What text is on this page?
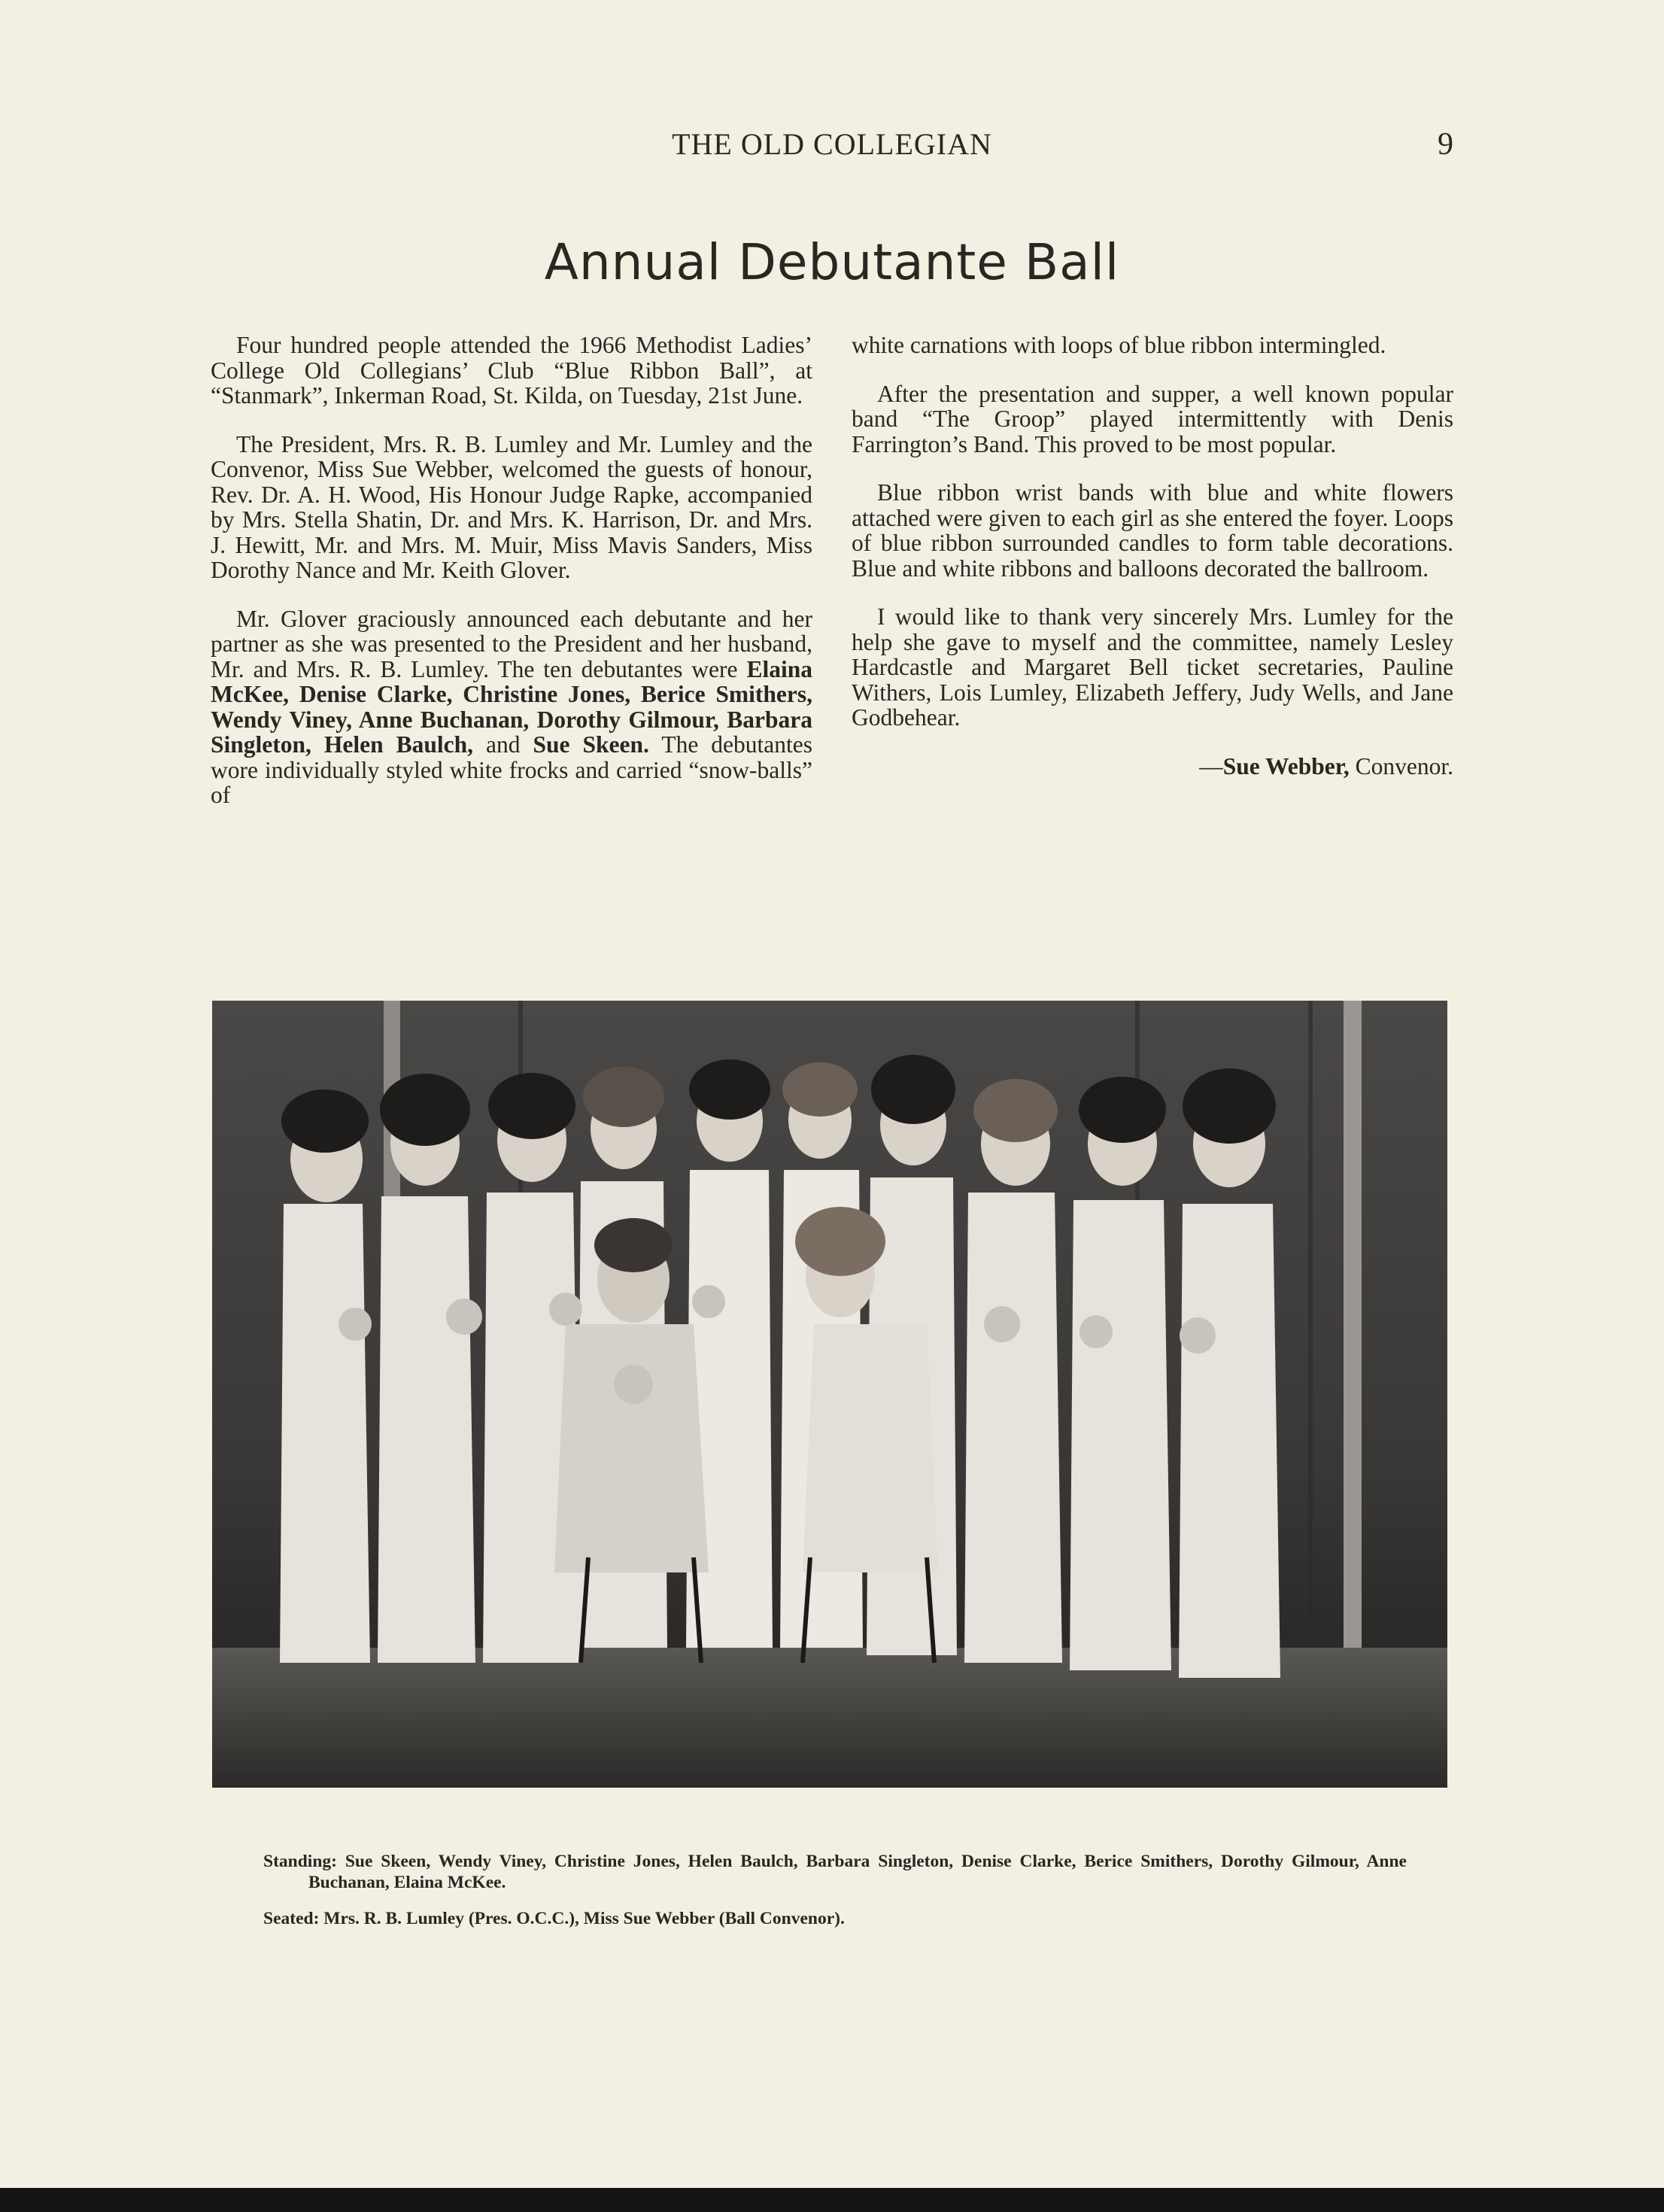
THE OLD COLLEGIAN	9
Annual Debutante Ball

Four hundred people attended the 1966 Methodist Ladies’ College Old Collegians’ Club “Blue Ribbon Ball”, at “Stanmark”, Inkerman Road, St. Kilda, on Tuesday, 21st June.

The President, Mrs. R. B. Lumley and Mr. Lumley and the Convenor, Miss Sue Webber, welcomed the guests of honour, Rev. Dr. A. H. Wood, His Honour Judge Rapke, accompanied by Mrs. Stella Shatin, Dr. and Mrs. K. Harrison, Dr. and Mrs. J. Hewitt, Mr. and Mrs. M. Muir, Miss Mavis Sanders, Miss Dorothy Nance and Mr. Keith Glover.

Mr. Glover graciously announced each debutante and her partner as she was presented to the President and her husband, Mr. and Mrs. R. B. Lumley. The ten debutantes were Elaina McKee, Denise Clarke, Christine Jones, Berice Smithers, Wendy Viney, Anne Buchanan, Dorothy Gilmour, Barbara Singleton, Helen Baulch, and Sue Skeen. The debutantes wore individually styled white frocks and carried “snow-balls” of

white carnations with loops of blue ribbon intermingled.

After the presentation and supper, a well known popular band “The Groop” played intermittently with Denis Farrington’s Band. This proved to be most popular.

Blue ribbon wrist bands with blue and white flowers attached were given to each girl as she entered the foyer. Loops of blue ribbon surrounded candles to form table decorations. Blue and white ribbons and balloons decorated the ballroom.

I would like to thank very sincerely Mrs. Lumley for the help she gave to myself and the committee, namely Lesley Hardcastle and Margaret Bell ticket secretaries, Pauline Withers, Lois Lumley, Elizabeth Jeffery, Judy Wells, and Jane Godbehear.

—Sue Webber, Convenor.

Standing: Sue Skeen, Wendy Viney, Christine Jones, Helen Baulch, Barbara Singleton, Denise Clarke, Berice Smithers, Dorothy Gilmour, Anne Buchanan, Elaina McKee.

Seated: Mrs. R. B. Lumley (Pres. O.C.C.), Miss Sue Webber (Ball Convenor).
